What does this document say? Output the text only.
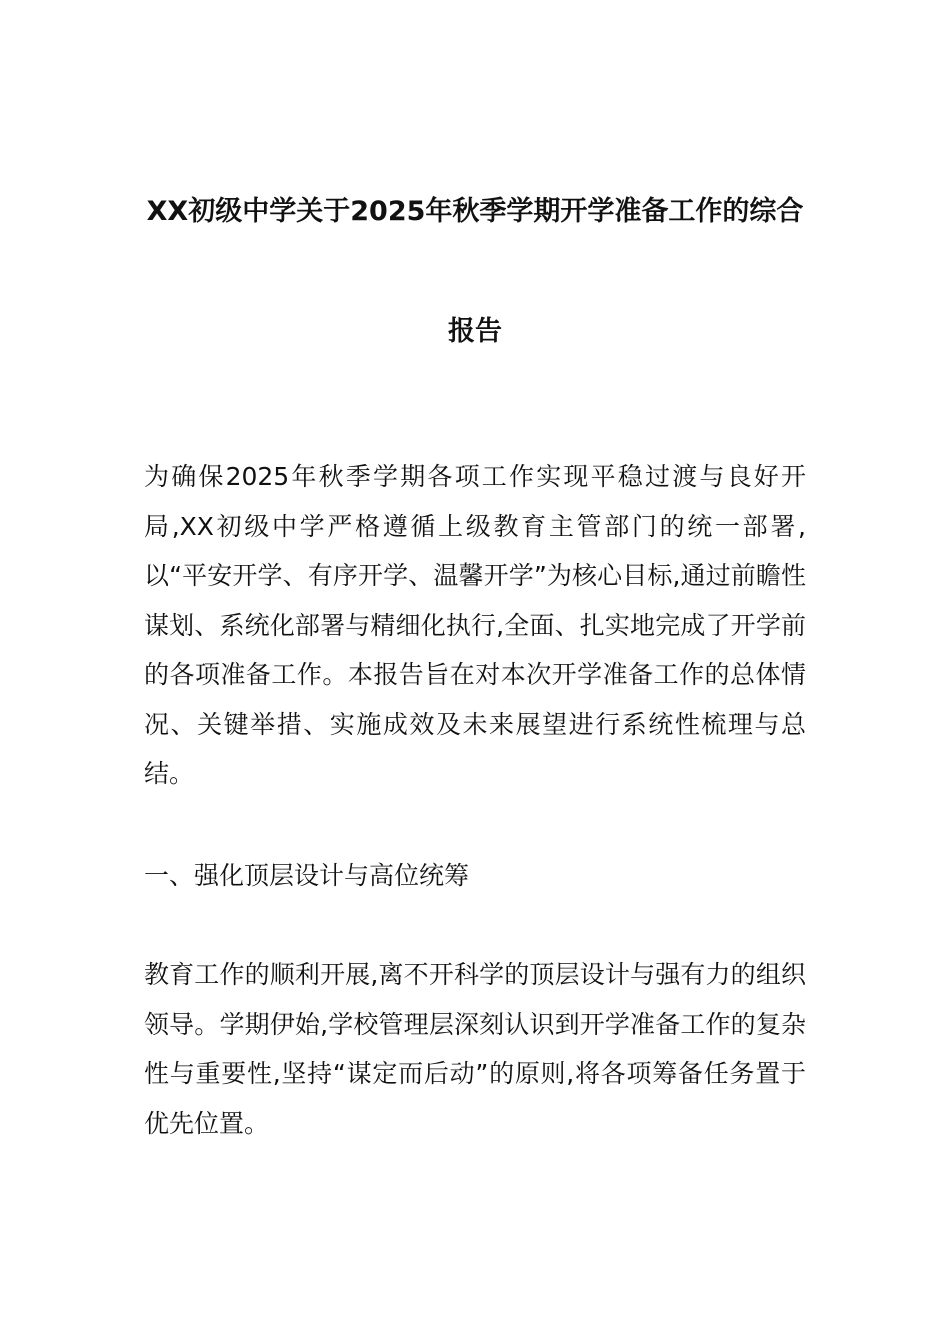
XX初级中学关于2025年秋季学期开学准备工作的综合报告

为确保2025年秋季学期各项工作实现平稳过渡与良好开局,XX初级中学严格遵循上级教育主管部门的统一部署,以“平安开学、有序开学、温馨开学”为核心目标,通过前瞻性谋划、系统化部署与精细化执行,全面、扎实地完成了开学前的各项准备工作。本报告旨在对本次开学准备工作的总体情况、关键举措、实施成效及未来展望进行系统性梳理与总结。

一、强化顶层设计与高位统筹

教育工作的顺利开展,离不开科学的顶层设计与强有力的组织领导。学期伊始,学校管理层深刻认识到开学准备工作的复杂性与重要性,坚持“谋定而后动”的原则,将各项筹备任务置于优先位置。
